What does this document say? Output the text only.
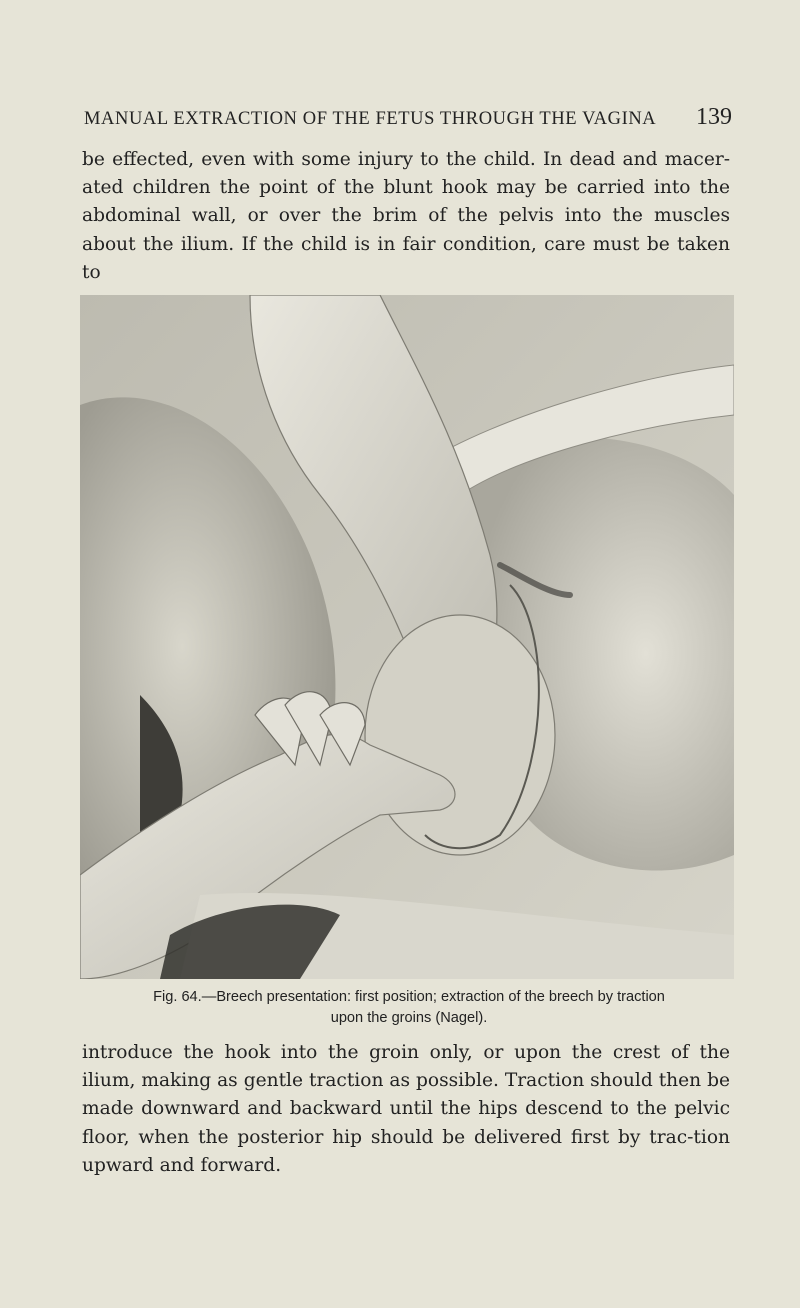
MANUAL EXTRACTION OF THE FETUS THROUGH THE VAGINA 139

be effected, even with some injury to the child. In dead and macer-ated children the point of the blunt hook may be carried into the abdominal wall, or over the brim of the pelvis into the muscles about the ilium. If the child is in fair condition, care must be taken to

Fig. 64.—Breech presentation: first position; extraction of the breech by traction
upon the groins (Nagel).

introduce the hook into the groin only, or upon the crest of the ilium, making as gentle traction as possible. Traction should then be made downward and backward until the hips descend to the pelvic floor, when the posterior hip should be delivered first by trac-tion upward and forward.
